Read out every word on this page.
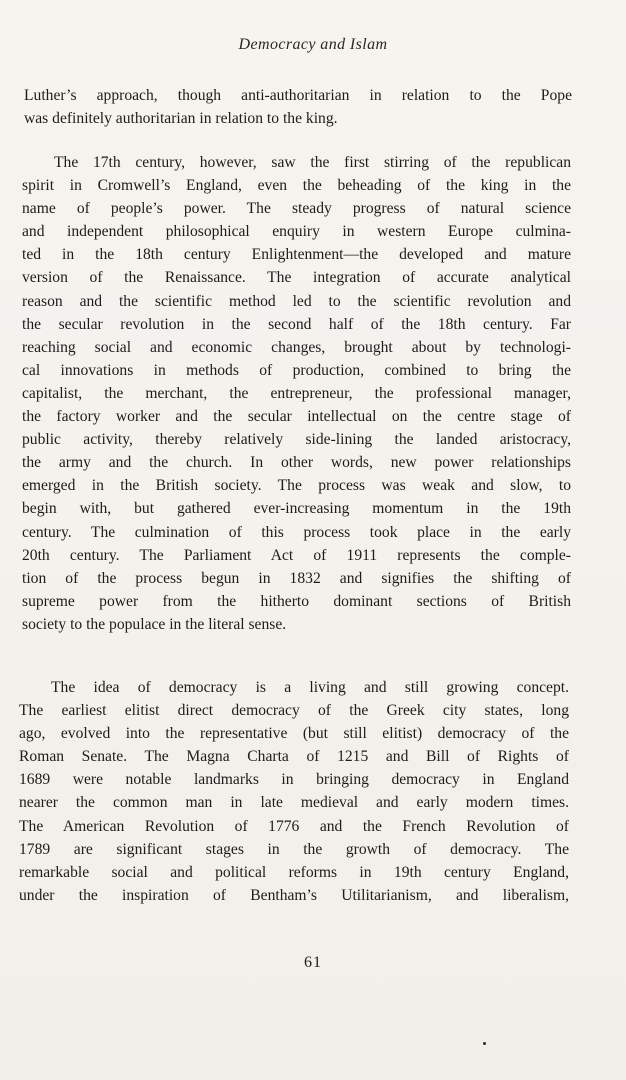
Democracy and Islam
Luther’s approach, though anti-authoritarian in relation to the Pope
was definitely authoritarian in relation to the king.
The 17th century, however, saw the first stirring of the republican
spirit in Cromwell’s England, even the beheading of the king in the
name of people’s power. The steady progress of natural science
and independent philosophical enquiry in western Europe culmina-
ted in the 18th century Enlightenment—the developed and mature
version of the Renaissance. The integration of accurate analytical
reason and the scientific method led to the scientific revolution and
the secular revolution in the second half of the 18th century. Far
reaching social and economic changes, brought about by technologi-
cal innovations in methods of production, combined to bring the
capitalist, the merchant, the entrepreneur, the professional manager,
the factory worker and the secular intellectual on the centre stage of
public activity, thereby relatively side-lining the landed aristocracy,
the army and the church. In other words, new power relationships
emerged in the British society. The process was weak and slow, to
begin with, but gathered ever-increasing momentum in the 19th
century. The culmination of this process took place in the early
20th century. The Parliament Act of 1911 represents the comple-
tion of the process begun in 1832 and signifies the shifting of
supreme power from the hitherto dominant sections of British
society to the populace in the literal sense.
The idea of democracy is a living and still growing concept.
The earliest elitist direct democracy of the Greek city states, long
ago, evolved into the representative (but still elitist) democracy of the
Roman Senate. The Magna Charta of 1215 and Bill of Rights of
1689 were notable landmarks in bringing democracy in England
nearer the common man in late medieval and early modern times.
The American Revolution of 1776 and the French Revolution of
1789 are significant stages in the growth of democracy. The
remarkable social and political reforms in 19th century England,
under the inspiration of Bentham’s Utilitarianism, and liberalism,
61
